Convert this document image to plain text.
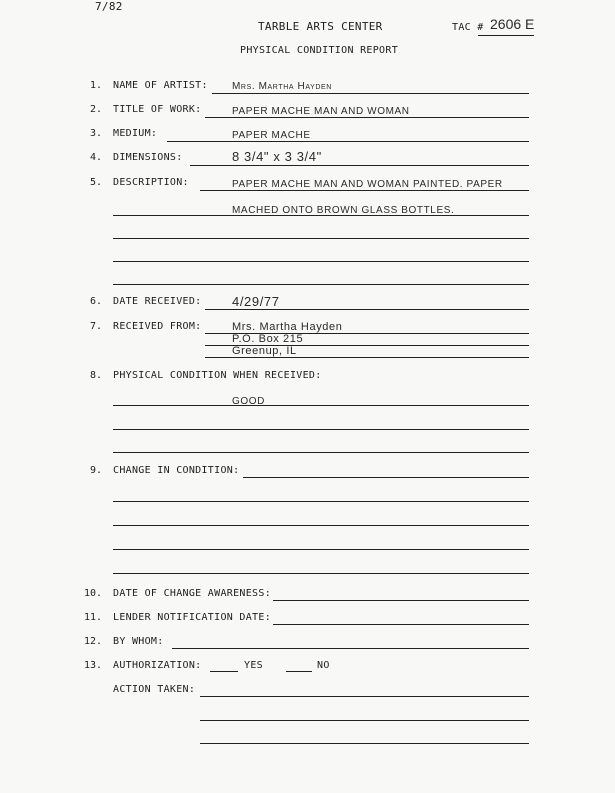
7/82
TARBLE ARTS CENTER	TAC # 2606 E
PHYSICAL CONDITION REPORT
1. NAME OF ARTIST: Mrs. Martha Hayden
2. TITLE OF WORK:	PAPER MACHE MAN AND WOMAN
3. MEDIUM:	PAPER MACHE
4. DIMENSIONS:	8 3/4" x 3 3/4"
5. DESCRIPTION:	PAPER MACHE MAN AND WOMAN PAINTED. PAPER
MACHED ONTO BROWN GLASS BOTTLES.
6. DATE RECEIVED: 4/29/77
7. RECEIVED FROM:	Mrs. Martha Hayden
P.O. Box 215
Greenup, IL
8. PHYSICAL CONDITION WHEN RECEIVED:
GOOD
9. CHANGE IN CONDITION:
10. DATE OF CHANGE AWARENESS:
11. LENDER NOTIFICATION DATE:
12. BY WHOM:
13. AUTHORIZATION:	YES	NO
ACTION TAKEN:
